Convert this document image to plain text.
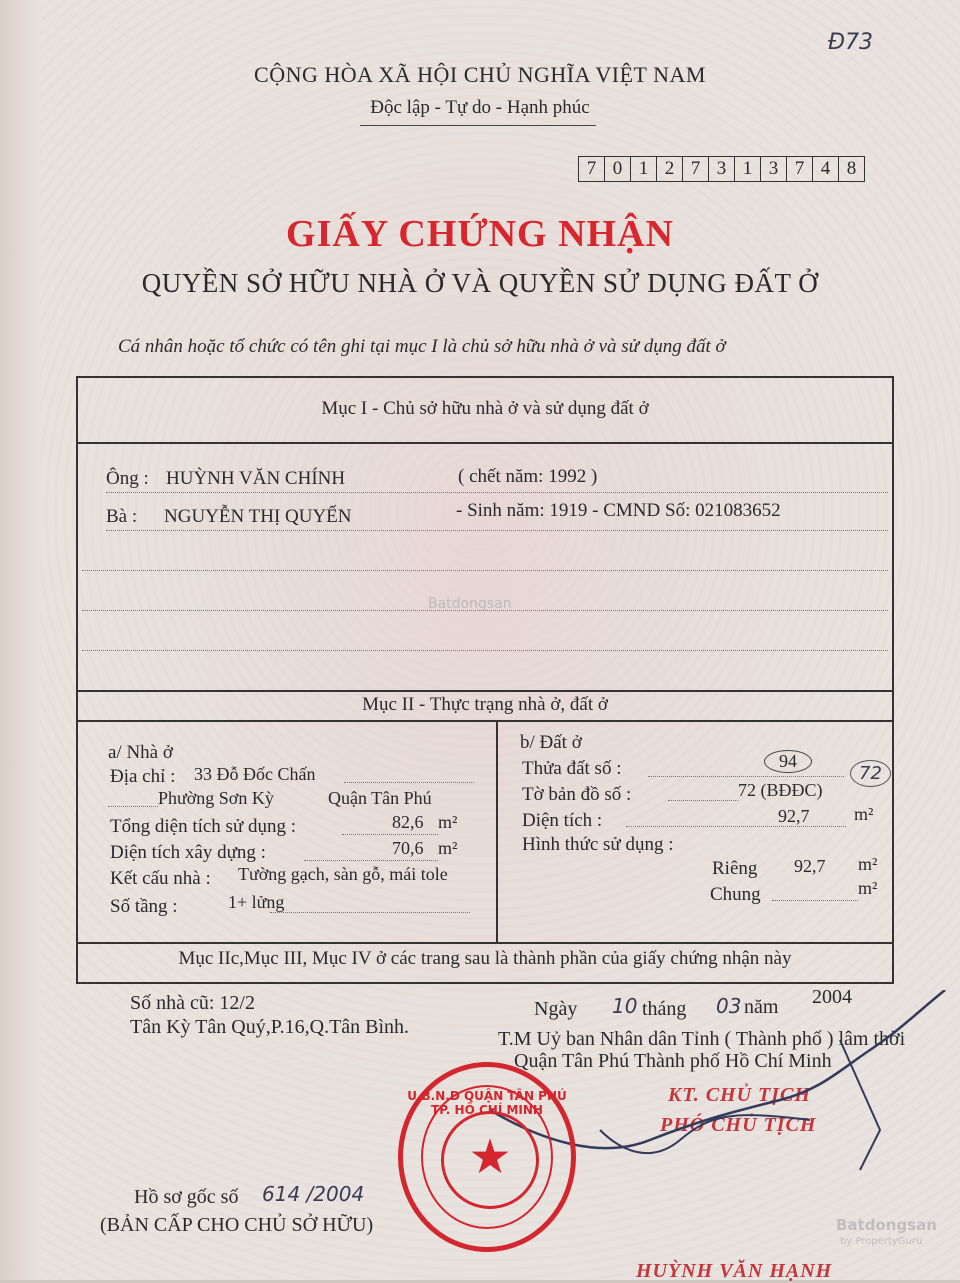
Đ73
CỘNG HÒA XÃ HỘI CHỦ NGHĨA VIỆT NAM
Độc lập - Tự do - Hạnh phúc
7 0 1 2 7 3 1 3 7 4 8
GIẤY CHỨNG NHẬN
QUYỀN SỞ HỮU NHÀ Ở VÀ QUYỀN SỬ DỤNG ĐẤT Ở
Cá nhân hoặc tổ chức có tên ghi tại mục I là chủ sở hữu nhà ở và sử dụng đất ở
Mục I - Chủ sở hữu nhà ở và sử dụng đất ở
Ông : HUỲNH VĂN CHÍNH	( chết năm: 1992 )
Bà : NGUYỄN THỊ QUYẾN	- Sinh năm: 1919 - CMND Số: 021083652
Batdongsan
Mục II - Thực trạng nhà ở, đất ở
a/ Nhà ở
Địa chỉ : 33 Đỗ Đốc Chấn
Phường Sơn Kỳ	Quận Tân Phú
Tổng diện tích sử dụng :	82,6 m²
Diện tích xây dựng :	70,6 m²
Kết cấu nhà : Tường gạch, sàn gỗ, mái tole
Số tầng :	1+ lửng
b/ Đất ở
Thửa đất số :	94
Tờ bản đồ số :	72 (BĐĐC)
72
Diện tích :	92,7 m²
Hình thức sử dụng :
Riêng 92,7 m²
Chung	m²
Mục IIc,Mục III, Mục IV ở các trang sau là thành phần của giấy chứng nhận này
Số nhà cũ: 12/2
Tân Kỳ Tân Quý,P.16,Q.Tân Bình.
Ngày 10 tháng 03 năm 2004
T.M Uỷ ban Nhân dân Tỉnh ( Thành phố ) lâm thời
Quận Tân Phú Thành phố Hồ Chí Minh
KT. CHỦ TỊCH
PHÓ CHỦ TỊCH
HUỲNH VĂN HẠNH
★
U.B.N.D QUẬN TÂN PHÚ TP. HỒ CHÍ MINH
Hồ sơ gốc số 614 /2004
(BẢN CẤP CHO CHỦ SỞ HỮU)	Batdongsan
by PropertyGuru
